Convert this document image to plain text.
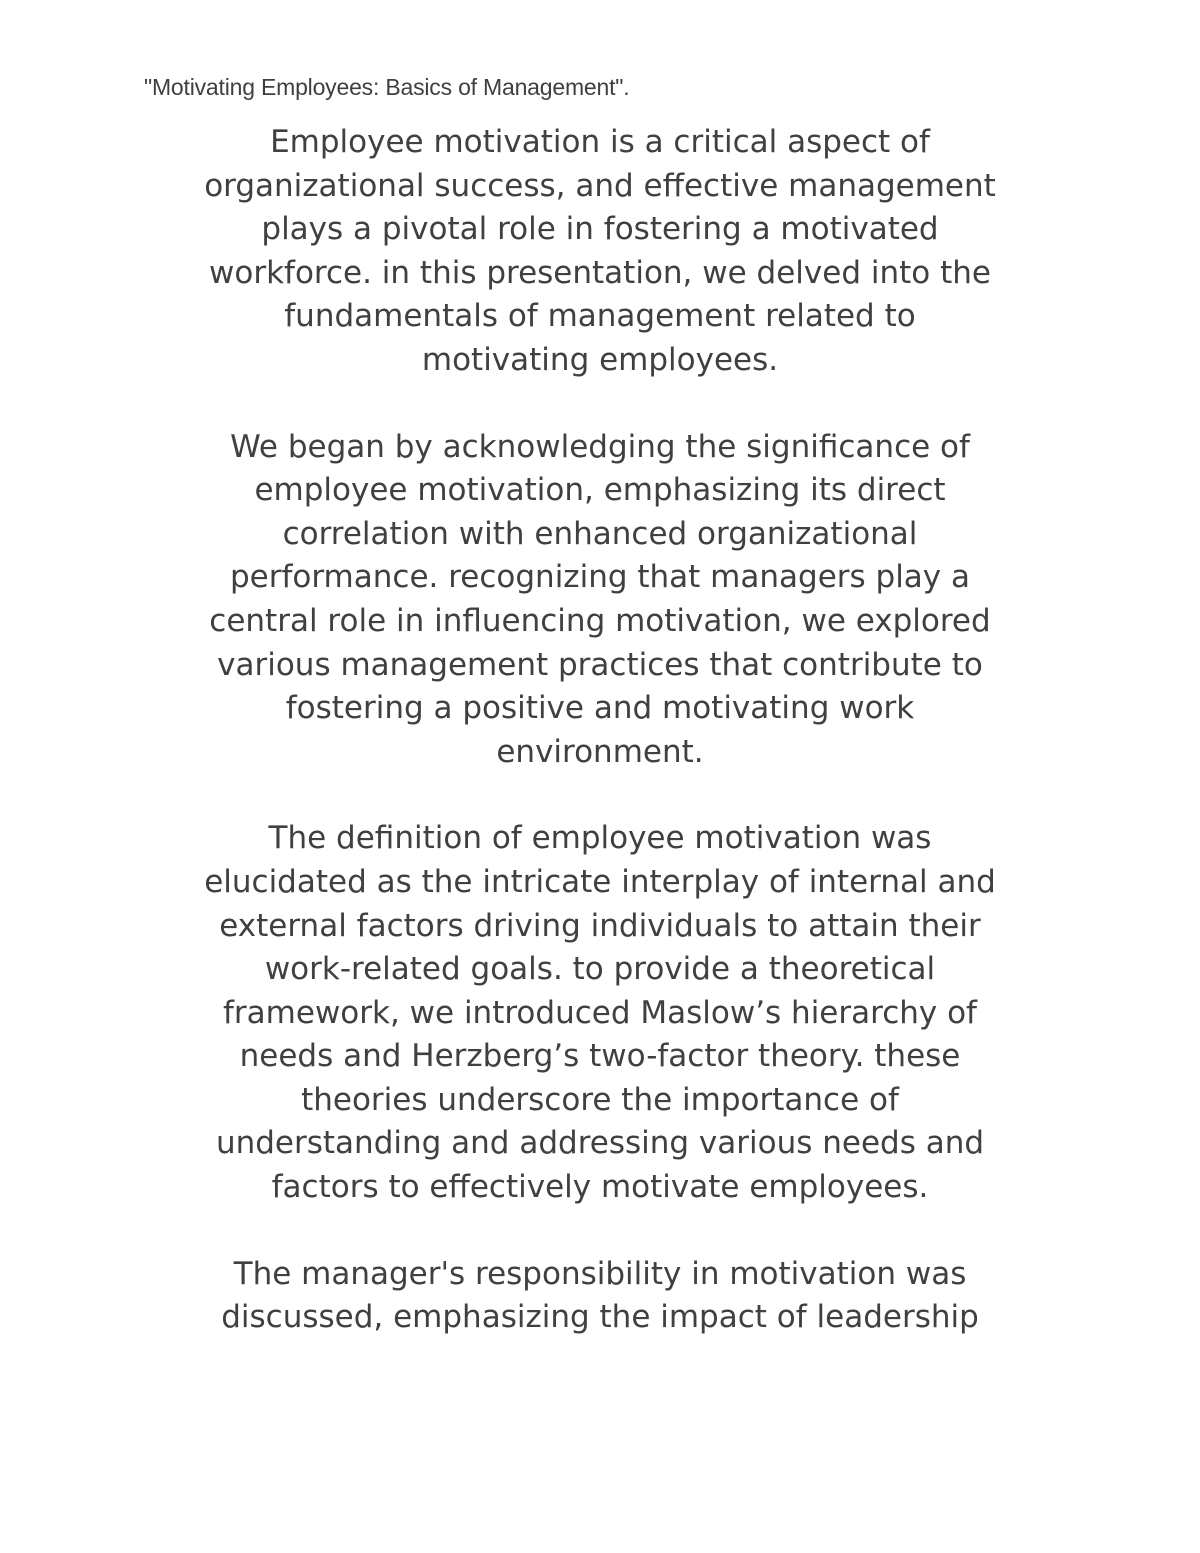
"Motivating Employees: Basics of Management".

Employee motivation is a critical aspect of
organizational success, and effective management
plays a pivotal role in fostering a motivated
workforce. in this presentation, we delved into the
fundamentals of management related to
motivating employees.

We began by acknowledging the significance of
employee motivation, emphasizing its direct
correlation with enhanced organizational
performance. recognizing that managers play a
central role in influencing motivation, we explored
various management practices that contribute to
fostering a positive and motivating work
environment.

The definition of employee motivation was
elucidated as the intricate interplay of internal and
external factors driving individuals to attain their
work-related goals. to provide a theoretical
framework, we introduced Maslow’s hierarchy of
needs and Herzberg’s two-factor theory. these
theories underscore the importance of
understanding and addressing various needs and
factors to effectively motivate employees.

The manager's responsibility in motivation was
discussed, emphasizing the impact of leadership
